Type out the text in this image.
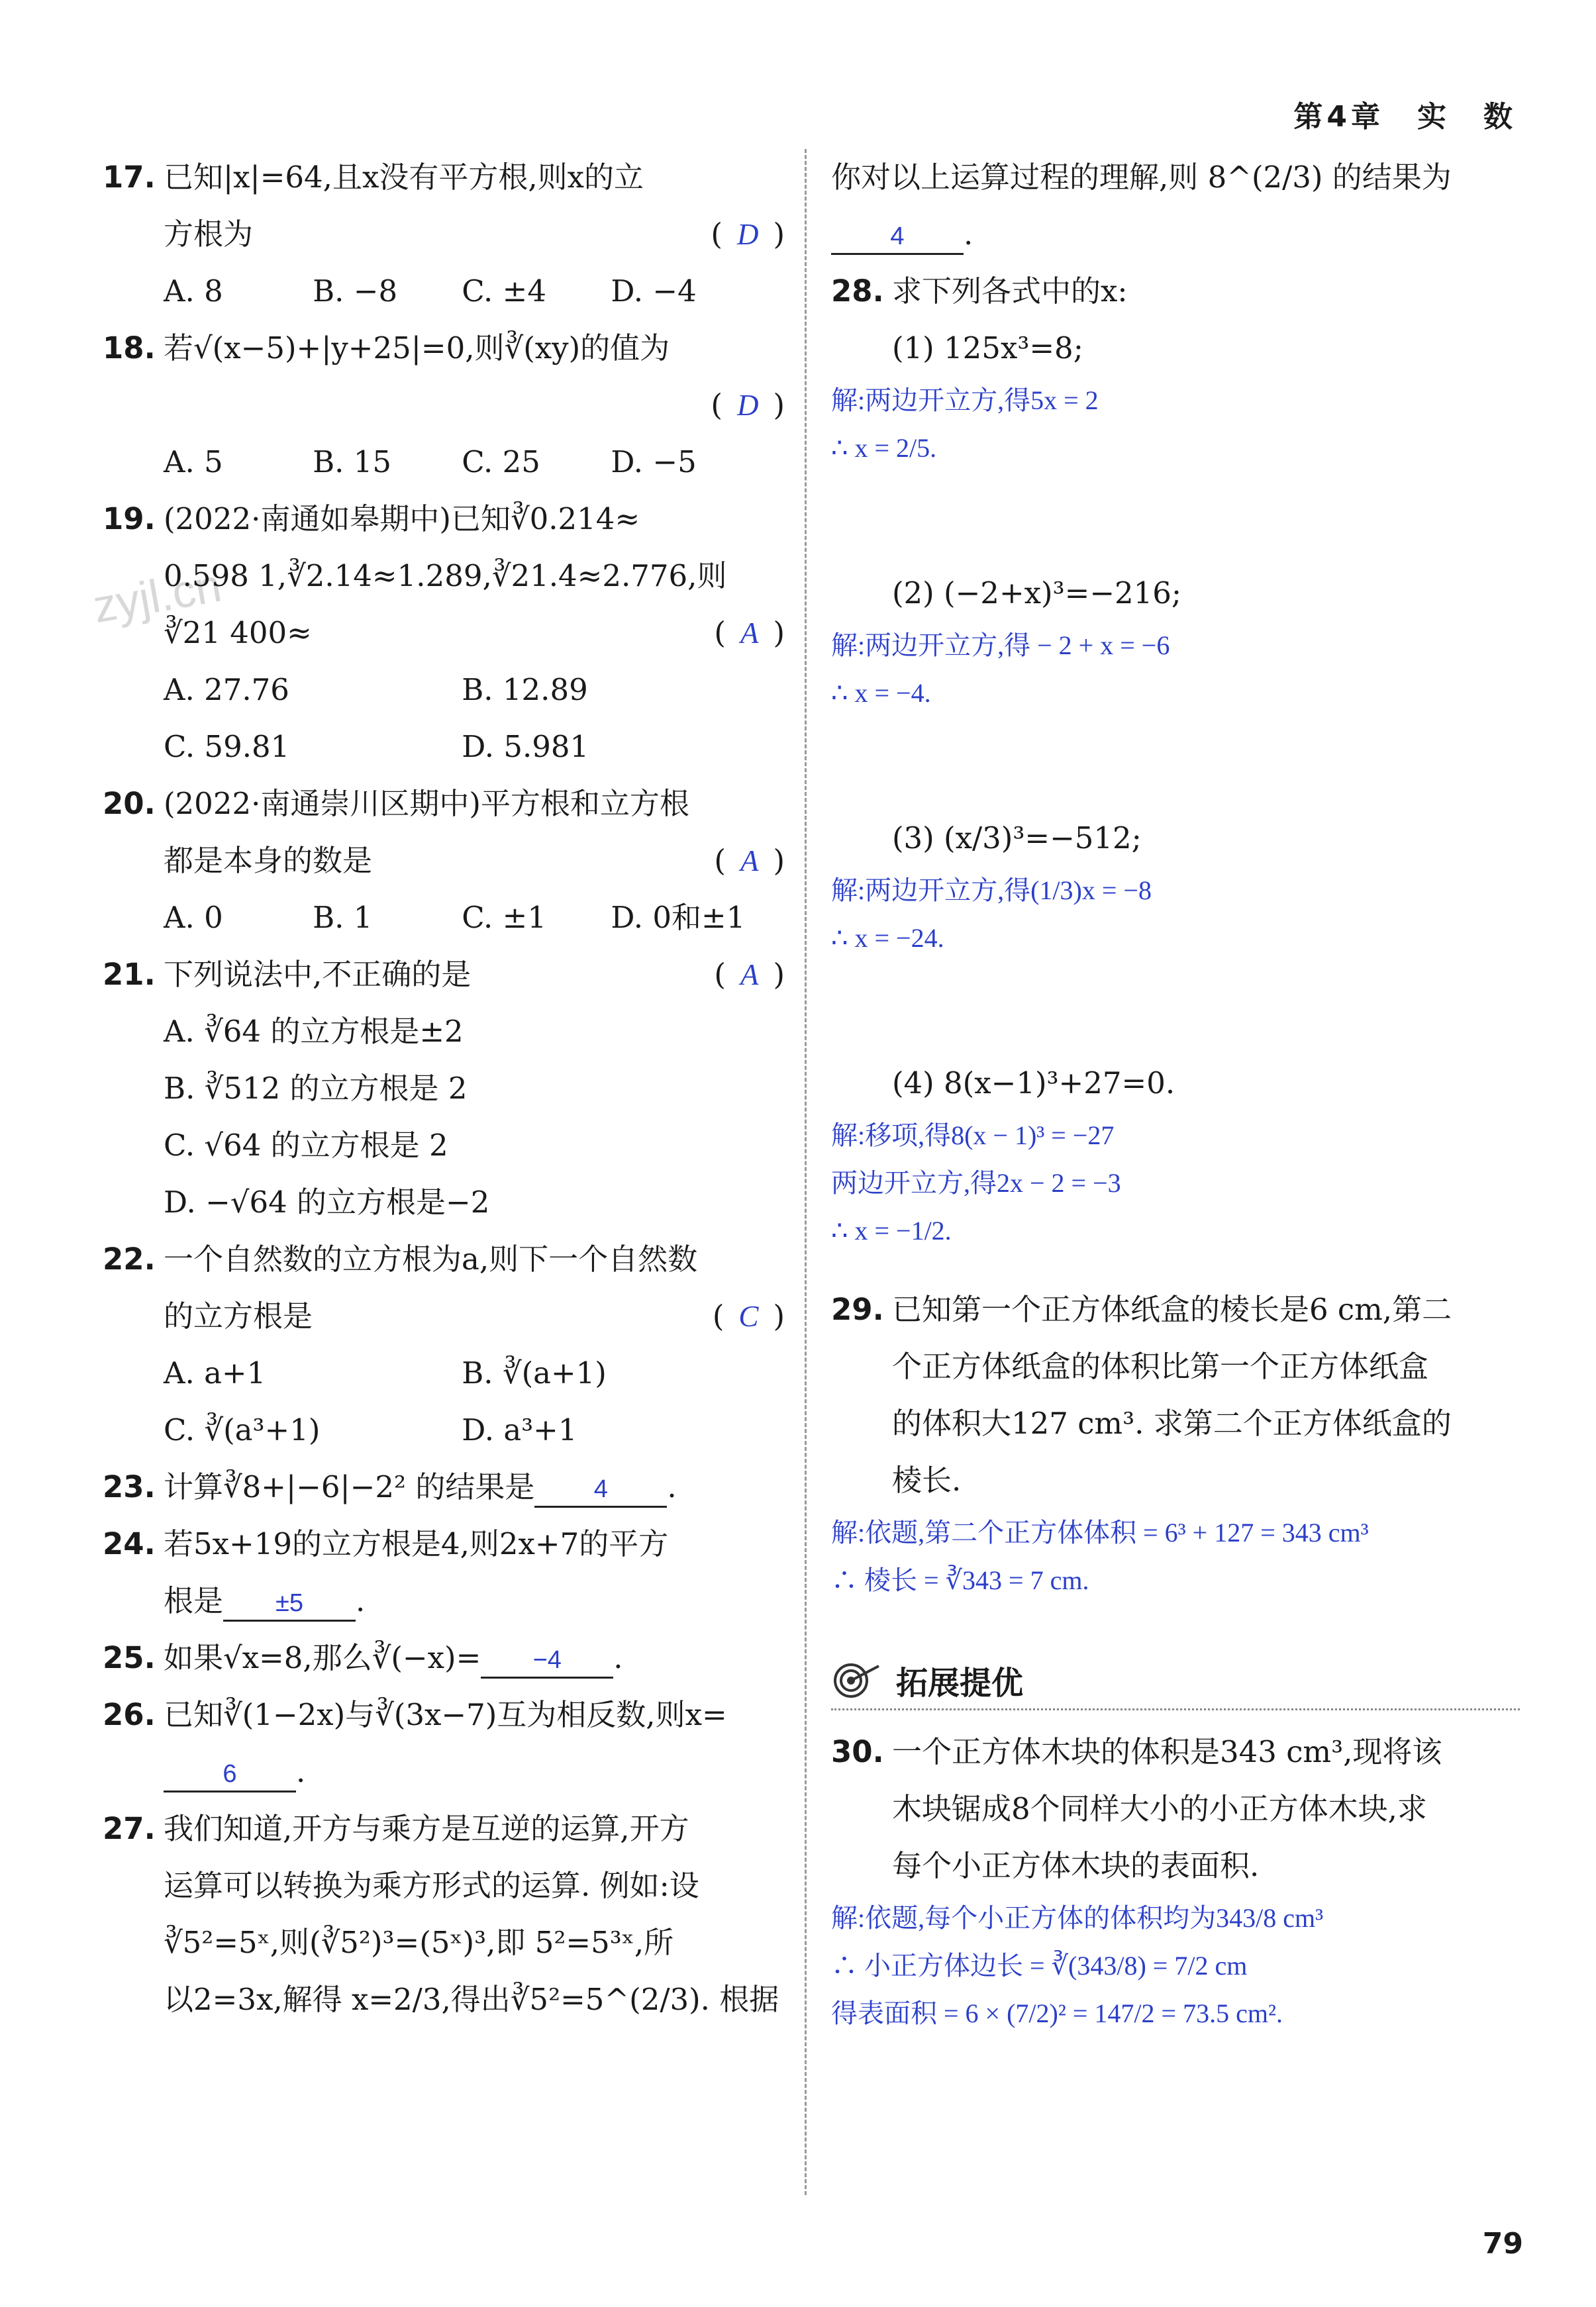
第4章　实　数
zyjl.cn
17. 已知|x|=64,且x没有平方根,则x的立
方根为	( D )
A. 8	B. −8	C. ±4	D. −4
18. 若√(x−5)+|y+25|=0,则∛(xy)的值为

( D )
A. 5	B. 15	C. 25	D. −5
19. (2022·南通如皋期中)已知∛0.214≈
0.598 1,∛2.14≈1.289,∛21.4≈2.776,则
∛21 400≈	( A )
A. 27.76	B. 12.89
C. 59.81	D. 5.981
20. (2022·南通崇川区期中)平方根和立方根
都是本身的数是	( A )
A. 0	B. 1	C. ±1	D. 0和±1
21. 下列说法中,不正确的是	( A )
A. ∛64 的立方根是±2
B. ∛512 的立方根是 2
C. √64 的立方根是 2
D. −√64 的立方根是−2
22. 一个自然数的立方根为a,则下一个自然数
的立方根是	( C )
A. a+1	B. ∛(a+1)
C. ∛(a³+1)	D. a³+1
23. 计算∛8+|−6|−2² 的结果是 4 .
24. 若5x+19的立方根是4,则2x+7的平方
根是 ±5 .
25. 如果√x=8,那么∛(−x)= −4 .
26. 已知∛(1−2x)与∛(3x−7)互为相反数,则x=
6 .
27. 我们知道,开方与乘方是互逆的运算,开方
运算可以转换为乘方形式的运算. 例如:设
∛5²=5ˣ,则(∛5²)³=(5ˣ)³,即 5²=5³ˣ,所
以2=3x,解得 x=2/3,得出∛5²=5^(2/3). 根据
你对以上运算过程的理解,则 8^(2/3) 的结果为
4 .
28. 求下列各式中的x:
(1) 125x³=8;
解:两边开立方,得5x = 2
∴ x = 2/5.
(2) (−2+x)³=−216;
解:两边开立方,得 − 2 + x = −6
∴ x = −4.
(3) (x/3)³=−512;
解:两边开立方,得(1/3)x = −8
∴ x = −24.
(4) 8(x−1)³+27=0.
解:移项,得8(x − 1)³ = −27
两边开立方,得2x − 2 = −3
∴ x = −1/2.
29. 已知第一个正方体纸盒的棱长是6 cm,第二
个正方体纸盒的体积比第一个正方体纸盒
的体积大127 cm³. 求第二个正方体纸盒的
棱长.
解:依题,第二个正方体体积 = 6³ + 127 = 343 cm³
∴ 棱长 = ∛343 = 7 cm.
拓展提优
30. 一个正方体木块的体积是343 cm³,现将该
木块锯成8个同样大小的小正方体木块,求
每个小正方体木块的表面积.
解:依题,每个小正方体的体积均为343/8 cm³
∴ 小正方体边长 = ∛(343/8) = 7/2 cm
得表面积 = 6 × (7/2)² = 147/2 = 73.5 cm².
79
